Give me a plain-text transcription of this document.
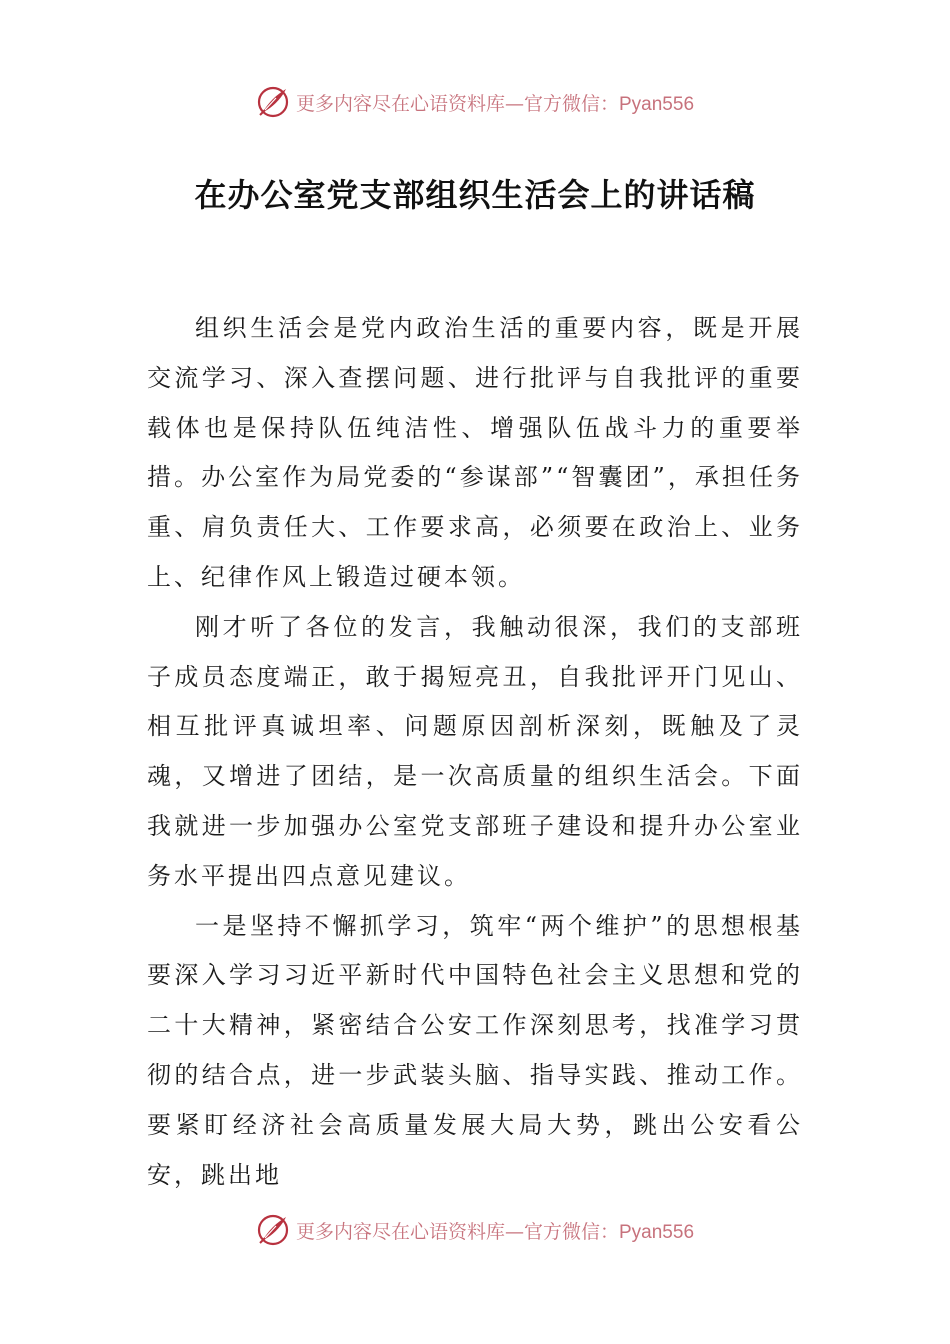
更多内容尽在心语资料库—官方微信：Pyan556
在办公室党支部组织生活会上的讲话稿

组织生活会是党内政治生活的重要内容，既是开展交流学习、深入查摆问题、进行批评与自我批评的重要载体也是保持队伍纯洁性、增强队伍战斗力的重要举措。办公室作为局党委的“参谋部”“智囊团”，承担任务重、肩负责任大、工作要求高，必须要在政治上、业务上、纪律作风上锻造过硬本领。

刚才听了各位的发言，我触动很深，我们的支部班子成员态度端正，敢于揭短亮丑，自我批评开门见山、相互批评真诚坦率、问题原因剖析深刻，既触及了灵魂，又增进了团结，是一次高质量的组织生活会。下面我就进一步加强办公室党支部班子建设和提升办公室业务水平提出四点意见建议。

一是坚持不懈抓学习，筑牢“两个维护”的思想根基要深入学习习近平新时代中国特色社会主义思想和党的二十大精神，紧密结合公安工作深刻思考，找准学习贯彻的结合点，进一步武装头脑、指导实践、推动工作。要紧盯经济社会高质量发展大局大势，跳出公安看公安，跳出地

更多内容尽在心语资料库—官方微信：Pyan556
